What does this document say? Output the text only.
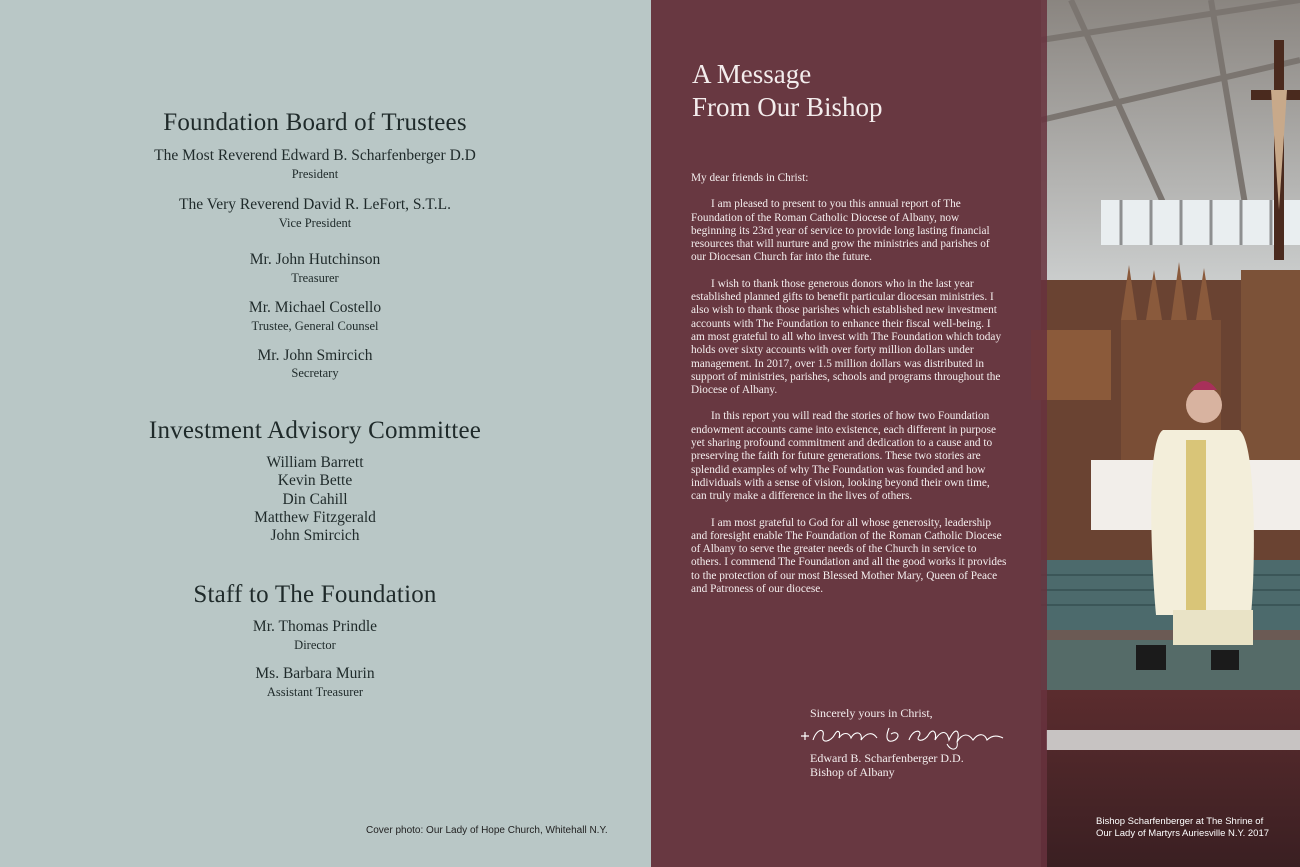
Foundation Board of Trustees
The Most Reverend Edward B. Scharfenberger D.D
President
The Very Reverend David R. LeFort, S.T.L.
Vice President
Mr. John Hutchinson
Treasurer
Mr. Michael Costello
Trustee, General Counsel
Mr. John Smircich
Secretary
Investment Advisory Committee
William Barrett
Kevin Bette
Din Cahill
Matthew Fitzgerald
John Smircich
Staff to The Foundation
Mr. Thomas Prindle
Director
Ms. Barbara Murin
Assistant Treasurer
Cover photo: Our Lady of Hope Church, Whitehall N.Y.
A Message
From Our Bishop

My dear friends in Christ:

I am pleased to present to you this annual report of The Foundation of the Roman Catholic Diocese of Albany, now beginning its 23rd year of service to provide long lasting financial resources that will nurture and grow the ministries and parishes of our Diocesan Church far into the future.

I wish to thank those generous donors who in the last year established planned gifts to benefit particular diocesan ministries. I also wish to thank those parishes which established new investment accounts with The Foundation to enhance their fiscal well-being. I am most grateful to all who invest with The Foundation which today holds over sixty accounts with over forty million dollars under management. In 2017, over 1.5 million dollars was distributed in support of ministries, parishes, schools and programs throughout the Diocese of Albany.

In this report you will read the stories of how two Foundation endowment accounts came into existence, each different in purpose yet sharing profound commitment and dedication to a cause and to preserving the faith for future generations. These two stories are splendid examples of why The Foundation was founded and how individuals with a sense of vision, looking beyond their own time, can truly make a difference in the lives of others.

I am most grateful to God for all whose generosity, leadership and foresight enable The Foundation of the Roman Catholic Diocese of Albany to serve the greater needs of the Church in service to others. I commend The Foundation and all the good works it provides to the protection of our most Blessed Mother Mary, Queen of Peace and Patroness of our diocese.

Sincerely yours in Christ,
Edward B. Scharfenberger D.D.
Bishop of Albany
Bishop Scharfenberger at The Shrine of
Our Lady of Martyrs Auriesville N.Y. 2017
